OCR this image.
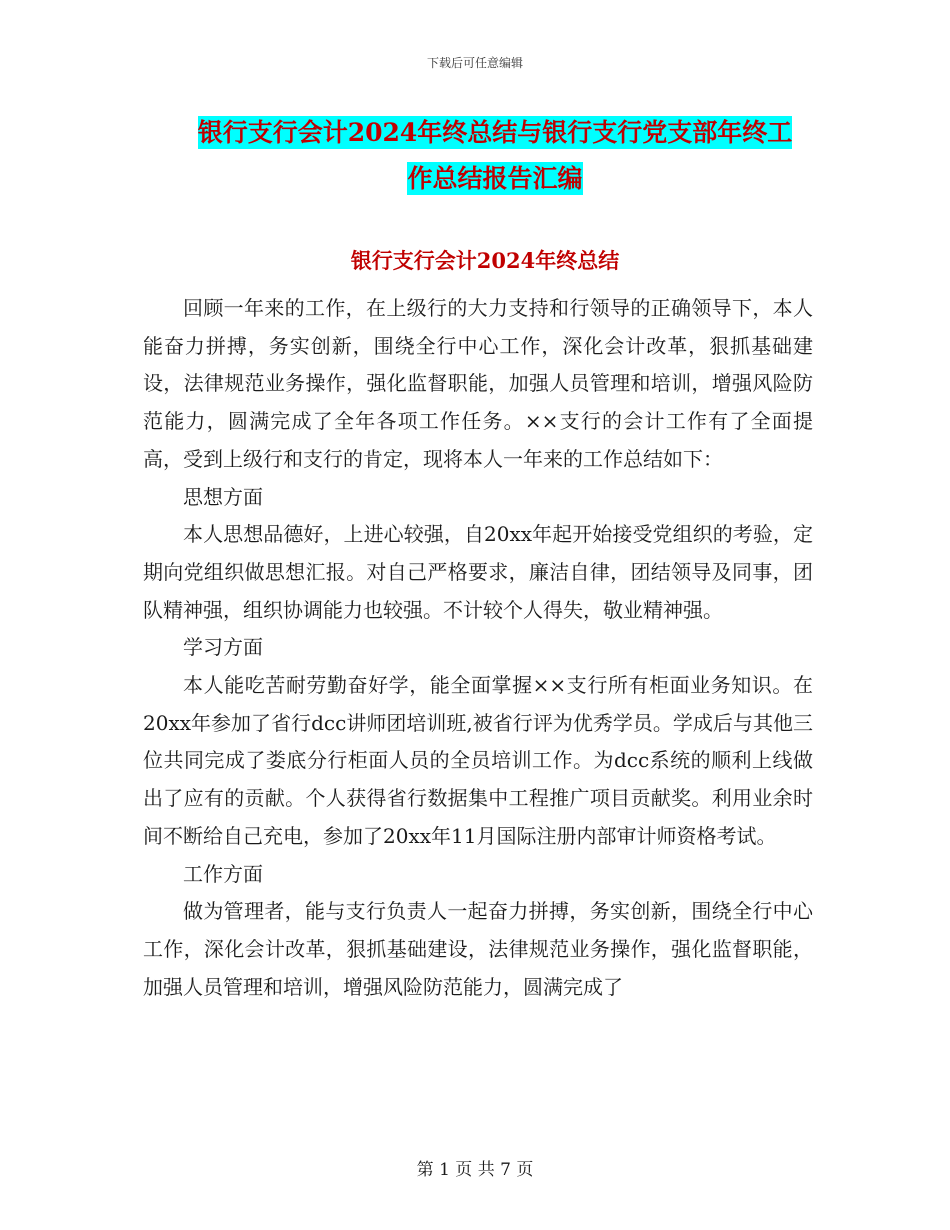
下载后可任意编辑
银行支行会计2024年终总结与银行支行党支部年终工
作总结报告汇编
银行支行会计2024年终总结

回顾一年来的工作，在上级行的大力支持和行领导的正确领导下，本人能奋力拼搏，务实创新，围绕全行中心工作，深化会计改革，狠抓基础建设，法律规范业务操作，强化监督职能，加强人员管理和培训，增强风险防范能力，圆满完成了全年各项工作任务。××支行的会计工作有了全面提高，受到上级行和支行的肯定，现将本人一年来的工作总结如下：

思想方面

本人思想品德好，上进心较强，自20xx年起开始接受党组织的考验，定期向党组织做思想汇报。对自己严格要求，廉洁自律，团结领导及同事，团队精神强，组织协调能力也较强。不计较个人得失，敬业精神强。

学习方面

本人能吃苦耐劳勤奋好学，能全面掌握××支行所有柜面业务知识。在20xx年参加了省行dcc讲师团培训班,被省行评为优秀学员。学成后与其他三位共同完成了娄底分行柜面人员的全员培训工作。为dcc系统的顺利上线做出了应有的贡献。个人获得省行数据集中工程推广项目贡献奖。利用业余时间不断给自己充电，参加了20xx年11月国际注册内部审计师资格考试。

工作方面

做为管理者，能与支行负责人一起奋力拼搏，务实创新，围绕全行中心工作，深化会计改革，狠抓基础建设，法律规范业务操作，强化监督职能，加强人员管理和培训，增强风险防范能力，圆满完成了

第 1 页 共 7 页
